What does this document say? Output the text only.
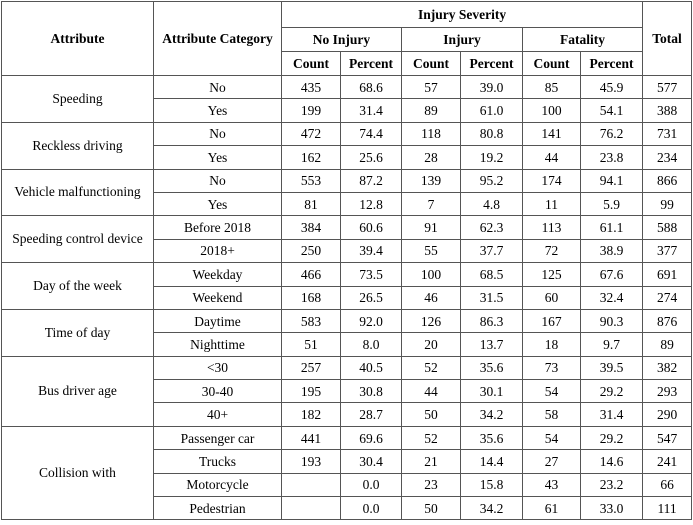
Attribute	Attribute Category	Injury Severity						Total
		No Injury		Injury		Fatality		
		Count	Percent	Count	Percent	Count	Percent	
Speeding	No	435	68.6	57	39.0	85	45.9	577
	Yes	199	31.4	89	61.0	100	54.1	388
Reckless driving	No	472	74.4	118	80.8	141	76.2	731
	Yes	162	25.6	28	19.2	44	23.8	234
Vehicle malfunctioning	No	553	87.2	139	95.2	174	94.1	866
	Yes	81	12.8	7	4.8	11	5.9	99
Speeding control device	Before 2018	384	60.6	91	62.3	113	61.1	588
	2018+	250	39.4	55	37.7	72	38.9	377
Day of the week	Weekday	466	73.5	100	68.5	125	67.6	691
	Weekend	168	26.5	46	31.5	60	32.4	274
Time of day	Daytime	583	92.0	126	86.3	167	90.3	876
	Nighttime	51	8.0	20	13.7	18	9.7	89
Bus driver age	<30	257	40.5	52	35.6	73	39.5	382
	30-40	195	30.8	44	30.1	54	29.2	293
	40+	182	28.7	50	34.2	58	31.4	290
Collision with	Passenger car	441	69.6	52	35.6	54	29.2	547
	Trucks	193	30.4	21	14.4	27	14.6	241
	Motorcycle		0.0	23	15.8	43	23.2	66
	Pedestrian		0.0	50	34.2	61	33.0	111
